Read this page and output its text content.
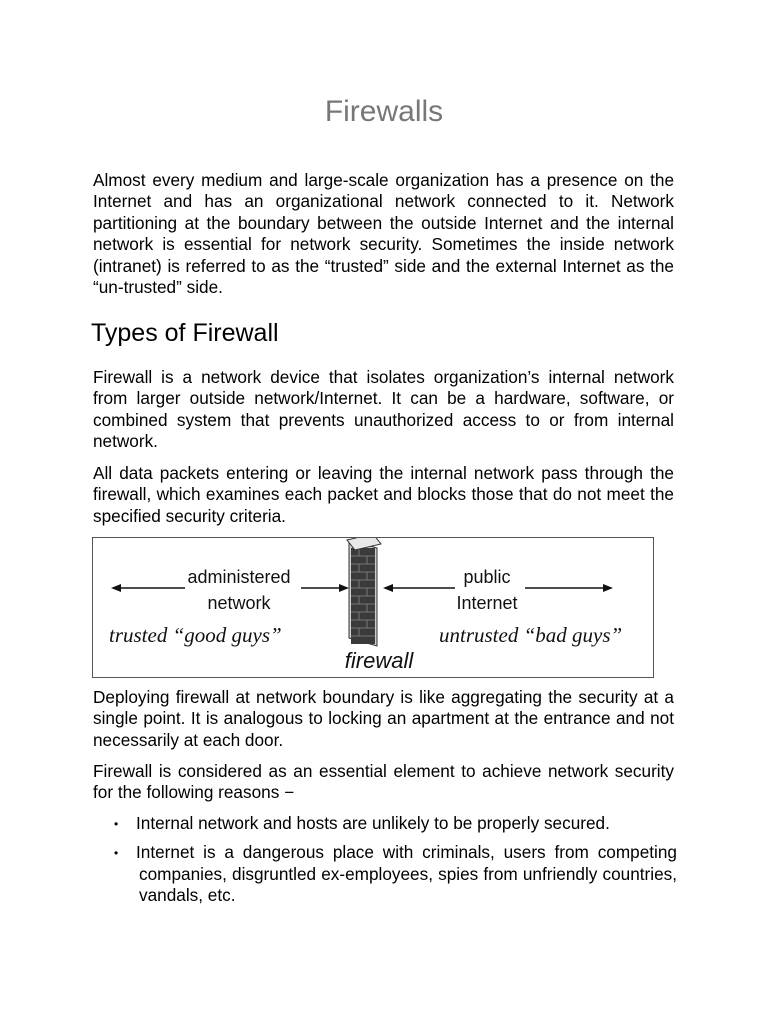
Firewalls

Almost every medium and large-scale organization has a presence on the Internet and has an organizational network connected to it. Network partitioning at the boundary between the outside Internet and the internal network is essential for network security. Sometimes the inside network (intranet) is referred to as the “trusted” side and the external Internet as the “un-trusted” side.

Types of Firewall

Firewall is a network device that isolates organization’s internal network from larger outside network/Internet. It can be a hardware, software, or combined system that prevents unauthorized access to or from internal network.

All data packets entering or leaving the internal network pass through the firewall, which examines each packet and blocks those that do not meet the specified security criteria.

administered
network
trusted “good guys”
public
Internet
untrusted “bad guys”
firewall

Deploying firewall at network boundary is like aggregating the security at a single point. It is analogous to locking an apartment at the entrance and not necessarily at each door.

Firewall is considered as an essential element to achieve network security for the following reasons −

• Internal network and hosts are unlikely to be properly secured.
• Internet is a dangerous place with criminals, users from competing companies, disgruntled ex-employees, spies from unfriendly countries, vandals, etc.
